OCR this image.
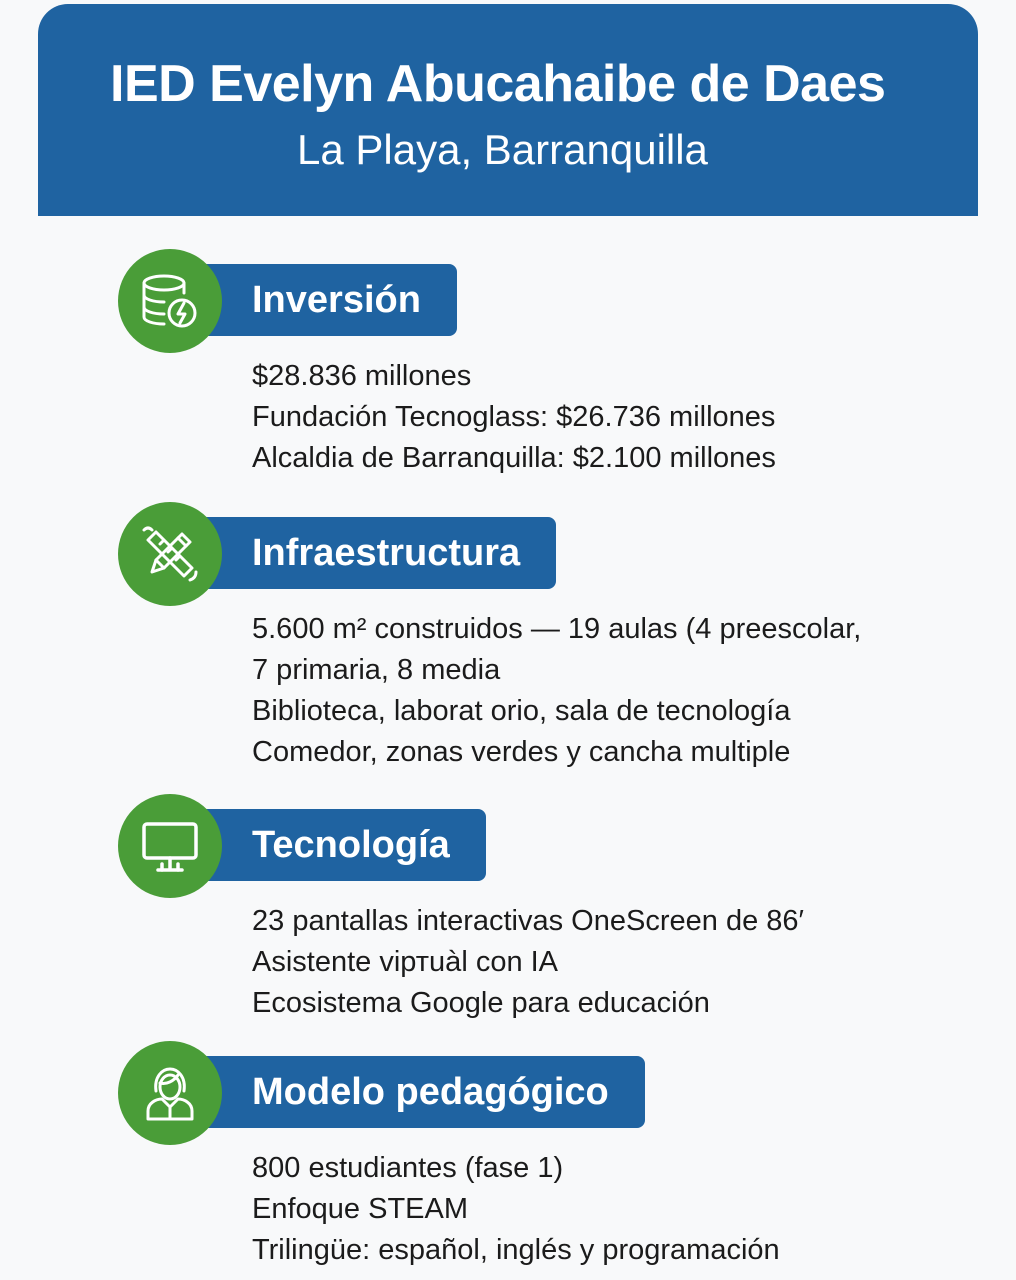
IED Evelyn Abucahaibe de Daes
La Playa, Barranquilla
Inversión
$28.836 millones
Fundación Tecnoglass: $26.736 millones
Alcaldia de Barranquilla: $2.100 millones
Infraestructura
5.600 m² construidos — 19 aulas (4 preescolar,
7 primaria, 8 media
Biblioteca, laborat orio, sala de tecnología
Comedor, zonas verdes y cancha multiple
Tecnología
23 pantallas interactivas OneScreen de 86′
Asistente viртuàl con IA
Ecosistema Google para educación
Modelo pedagógico
800 estudiantes (fase 1)
Enfoque STEAM
Trilingüe: español, inglés y programación
